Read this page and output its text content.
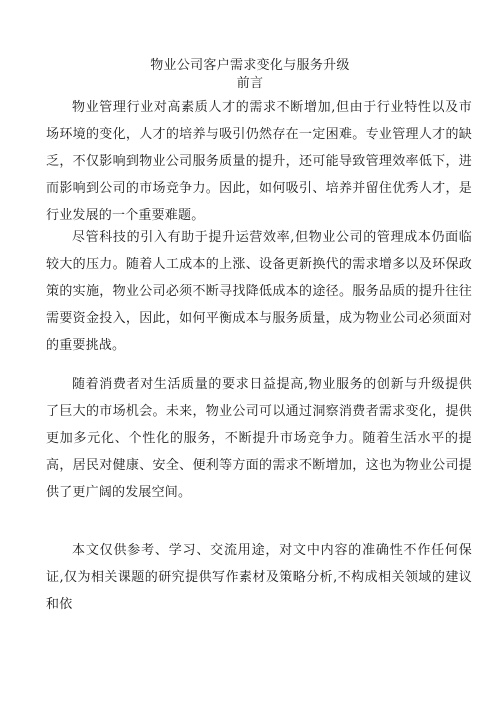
物业公司客户需求变化与服务升级
前言

物业管理行业对高素质人才的需求不断增加,但由于行业特性以及市场环境的变化，人才的培养与吸引仍然存在一定困难。专业管理人才的缺乏，不仅影响到物业公司服务质量的提升，还可能导致管理效率低下，进而影响到公司的市场竞争力。因此，如何吸引、培养并留住优秀人才，是行业发展的一个重要难题。

尽管科技的引入有助于提升运营效率,但物业公司的管理成本仍面临较大的压力。随着人工成本的上涨、设备更新换代的需求增多以及环保政策的实施，物业公司必须不断寻找降低成本的途径。服务品质的提升往往需要资金投入，因此，如何平衡成本与服务质量，成为物业公司必须面对的重要挑战。

随着消费者对生活质量的要求日益提高,物业服务的创新与升级提供了巨大的市场机会。未来，物业公司可以通过洞察消费者需求变化，提供更加多元化、个性化的服务，不断提升市场竞争力。随着生活水平的提高，居民对健康、安全、便利等方面的需求不断增加，这也为物业公司提供了更广阔的发展空间。

本文仅供参考、学习、交流用途，对文中内容的准确性不作任何保证,仅为相关课题的研究提供写作素材及策略分析,不构成相关领域的建议和依
